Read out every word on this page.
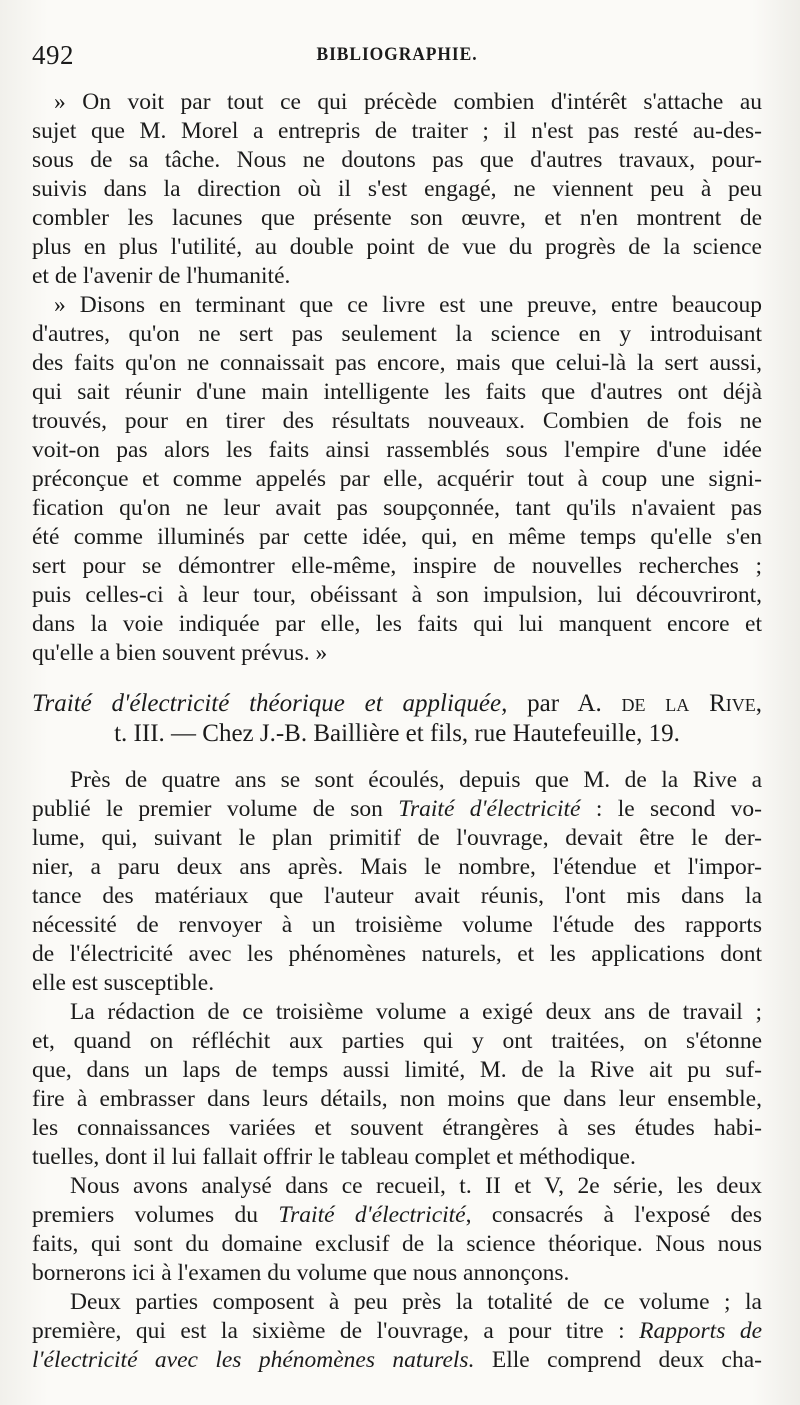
492	BIBLIOGRAPHIE.
» On voit par tout ce qui précède combien d'intérêt s'attache au
sujet que M. Morel a entrepris de traiter ; il n'est pas resté au-des-
sous de sa tâche. Nous ne doutons pas que d'autres travaux, pour-
suivis dans la direction où il s'est engagé, ne viennent peu à peu
combler les lacunes que présente son œuvre, et n'en montrent de
plus en plus l'utilité, au double point de vue du progrès de la science
et de l'avenir de l'humanité.
» Disons en terminant que ce livre est une preuve, entre beaucoup
d'autres, qu'on ne sert pas seulement la science en y introduisant
des faits qu'on ne connaissait pas encore, mais que celui-là la sert aussi,
qui sait réunir d'une main intelligente les faits que d'autres ont déjà
trouvés, pour en tirer des résultats nouveaux. Combien de fois ne
voit-on pas alors les faits ainsi rassemblés sous l'empire d'une idée
préconçue et comme appelés par elle, acquérir tout à coup une signi-
fication qu'on ne leur avait pas soupçonnée, tant qu'ils n'avaient pas
été comme illuminés par cette idée, qui, en même temps qu'elle s'en
sert pour se démontrer elle-même, inspire de nouvelles recherches ;
puis celles-ci à leur tour, obéissant à son impulsion, lui découvriront,
dans la voie indiquée par elle, les faits qui lui manquent encore et
qu'elle a bien souvent prévus. »
Traité d'électricité théorique et appliquée, par A. de la Rive,
t. III. — Chez J.-B. Baillière et fils, rue Hautefeuille, 19.
Près de quatre ans se sont écoulés, depuis que M. de la Rive a
publié le premier volume de son Traité d'électricité : le second vo-
lume, qui, suivant le plan primitif de l'ouvrage, devait être le der-
nier, a paru deux ans après. Mais le nombre, l'étendue et l'impor-
tance des matériaux que l'auteur avait réunis, l'ont mis dans la
nécessité de renvoyer à un troisième volume l'étude des rapports
de l'électricité avec les phénomènes naturels, et les applications dont
elle est susceptible.
La rédaction de ce troisième volume a exigé deux ans de travail ;
et, quand on réfléchit aux parties qui y ont traitées, on s'étonne
que, dans un laps de temps aussi limité, M. de la Rive ait pu suf-
fire à embrasser dans leurs détails, non moins que dans leur ensemble,
les connaissances variées et souvent étrangères à ses études habi-
tuelles, dont il lui fallait offrir le tableau complet et méthodique.
Nous avons analysé dans ce recueil, t. II et V, 2e série, les deux
premiers volumes du Traité d'électricité, consacrés à l'exposé des
faits, qui sont du domaine exclusif de la science théorique. Nous nous
bornerons ici à l'examen du volume que nous annonçons.
Deux parties composent à peu près la totalité de ce volume ; la
première, qui est la sixième de l'ouvrage, a pour titre : Rapports de
l'électricité avec les phénomènes naturels. Elle comprend deux cha-
